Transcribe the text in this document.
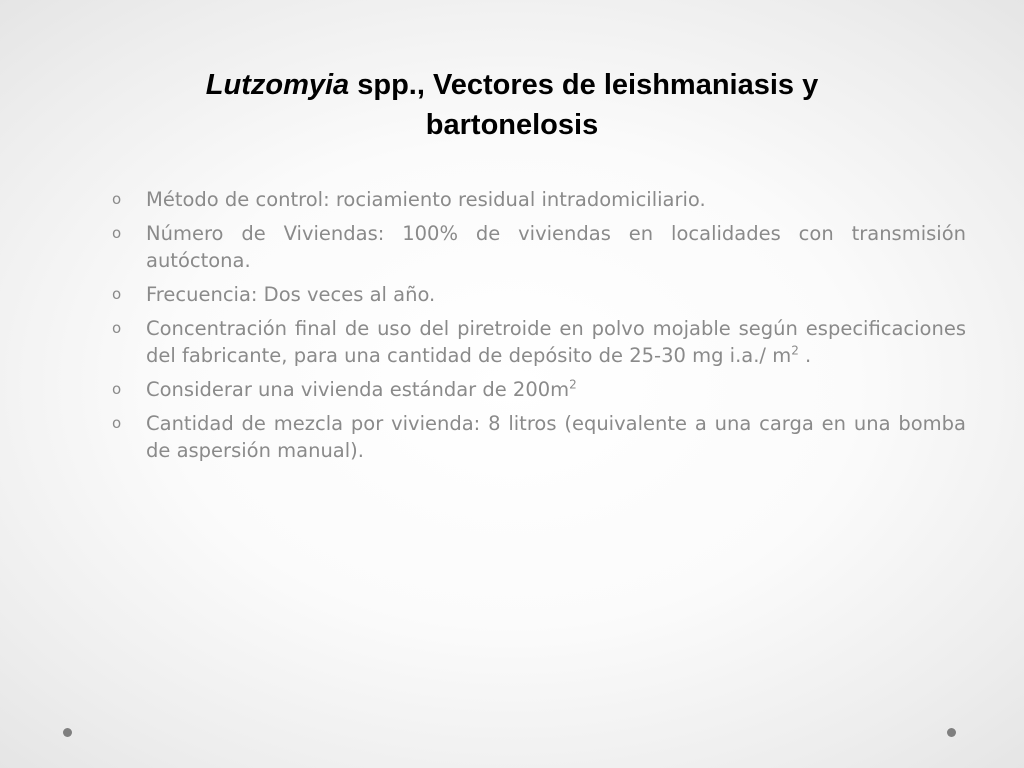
Lutzomyia spp., Vectores de leishmaniasis y
bartonelosis
o Método de control: rociamiento residual intradomiciliario.
o Número de Viviendas: 100% de viviendas en localidades con transmisión autóctona.
o Frecuencia: Dos veces al año.
o Concentración final de uso del piretroide en polvo mojable según especificaciones del fabricante, para una cantidad de depósito de 25-30 mg i.a./ $m^2$ .
o Considerar una vivienda estándar de $200m^2$
o Cantidad de mezcla por vivienda: 8 litros (equivalente a una carga en una bomba de aspersión manual).
